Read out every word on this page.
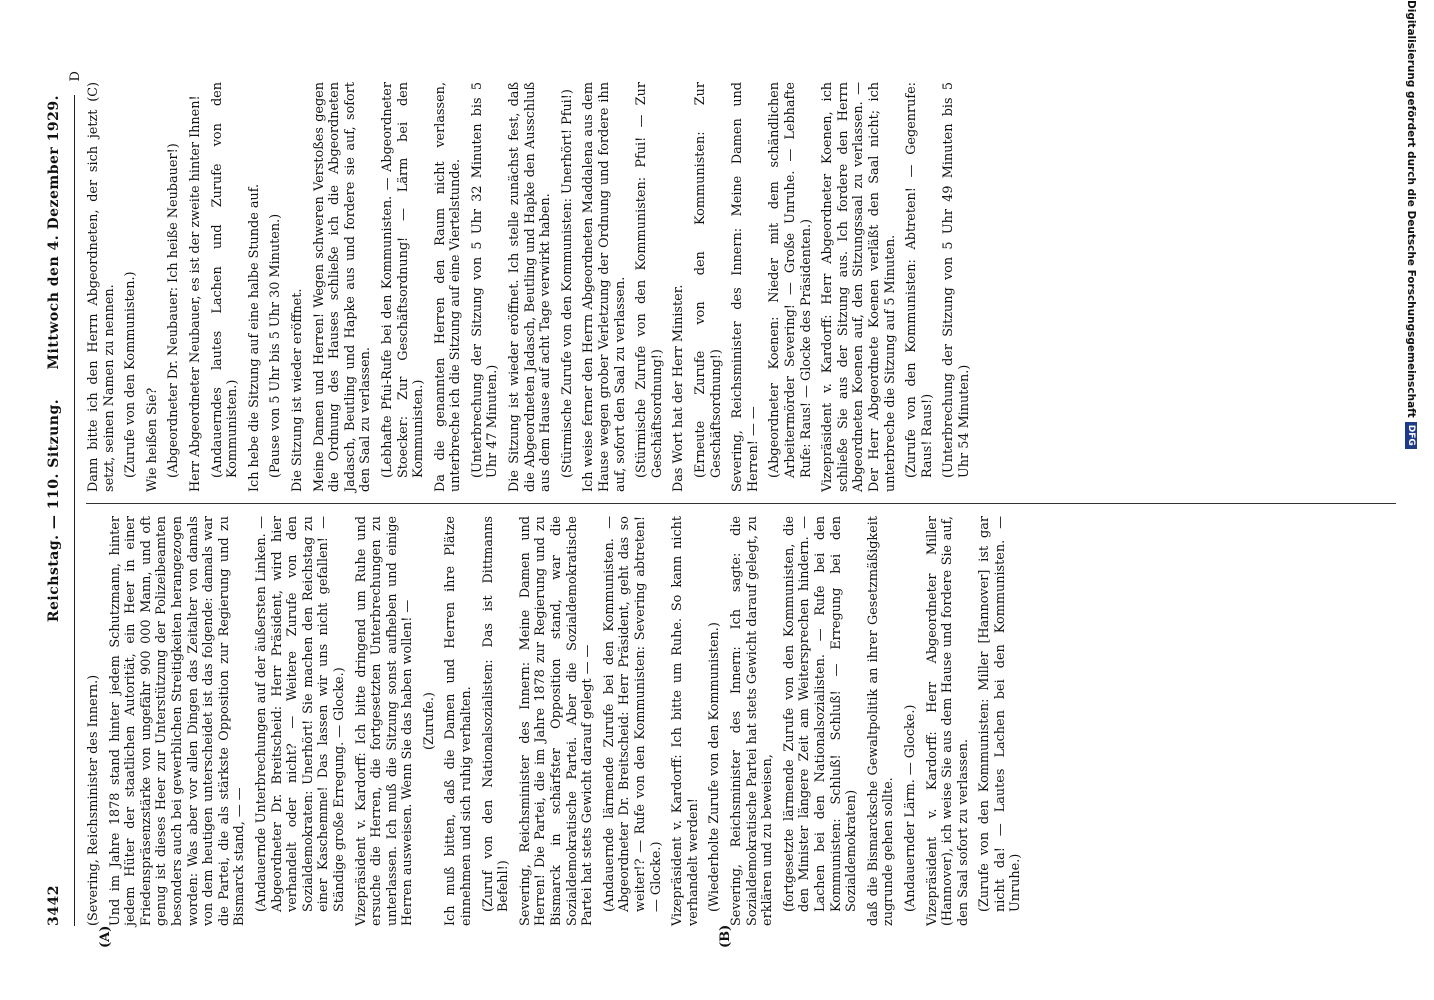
3442
Reichstag. — 110. Sitzung.
Mittwoch den 4. Dezember 1929.
(A)	(B)
D
(Severing, Reichsminister des Innern.) Und im Jahre 1878 stand hinter jedem Schutzmann, hinter jedem Hüter der staatlichen Autorität, ein Heer in einer Friedenspräsenzstärke von ungefähr 900 000 Mann, und oft genug ist dieses Heer zur Unterstützung der Polizeibeamten besonders auch bei gewerblichen Streitigkeiten herangezogen worden: Was aber vor allen Dingen das Zeitalter von damals von dem heutigen unterscheidet ist das folgende: damals war die Partei, die als stärkste Opposition zur Regierung und zu Bismarck stand, — — (Andauernde Unterbrechungen auf der äußersten Linken. — Abgeordneter Dr. Breitscheid: Herr Präsident, wird hier verhandelt oder nicht? — Weitere Zurufe von den Sozialdemokraten: Unerhört! Sie machen den Reichstag zu einer Kaschemme! Das lassen wir uns nicht gefallen! — Ständige große Erregung. — Glocke.) Vizepräsident v. Kardorff: Ich bitte dringend um Ruhe und ersuche die Herren, die fortgesetzten Unterbrechungen zu unterlassen. Ich muß die Sitzung sonst aufheben und einige Herren ausweisen. Wenn Sie das haben wollen! — (Zurufe.) Ich muß bitten, daß die Damen und Herren ihre Plätze einnehmen und sich ruhig verhalten. (Zuruf von den Nationalsozialisten: Das ist Dittmanns Befehl!) Severing, Reichsminister des Innern: Meine Damen und Herren! Die Partei, die im Jahre 1878 zur Regierung und zu Bismarck in schärfster Opposition stand, war die Sozialdemokratische Partei. Aber die Sozialdemokratische Partei hat stets Gewicht darauf gelegt — — (Andauernde lärmende Zurufe bei den Kommunisten. — Abgeordneter Dr. Breitscheid: Herr Präsident, geht das so weiter!? — Rufe von den Kommunisten: Severing abtreten! — Glocke.) Vizepräsident v. Kardorff: Ich bitte um Ruhe. So kann nicht verhandelt werden! (Wiederholte Zurufe von den Kommunisten.) Severing, Reichsminister des Innern: Ich sagte: die Sozialdemokratische Partei hat stets Gewicht darauf gelegt, zu erklären und zu beweisen, (fortgesetzte lärmende Zurufe von den Kommunisten, die den Minister längere Zeit am Weitersprechen hindern. — Lachen bei den Nationalsozialisten. — Rufe bei den Kommunisten: Schluß! Schluß! — Erregung bei den Sozialdemokraten) daß die Bismarcksche Gewaltpolitik an ihrer Gesetzmäßigkeit zugrunde gehen sollte. (Andauernder Lärm. — Glocke.) Vizepräsident v. Kardorff: Herr Abgeordneter Miller (Hannover), ich weise Sie aus dem Hause und fordere Sie auf, den Saal sofort zu verlassen. (Zurufe von den Kommunisten: Miller [Hannover] ist gar nicht da! — Lautes Lachen bei den Kommunisten. — Unruhe.)
Dann bitte ich den Herrn Abgeordneten, der sich jetzt (C) setzt, seinen Namen zu nennen. (Zurufe von den Kommunisten.) Wie heißen Sie? (Abgeordneter Dr. Neubauer: Ich heiße Neubauer!) Herr Abgeordneter Neubauer, es ist der zweite hinter Ihnen! (Andauerndes lautes Lachen und Zurufe von den Kommunisten.) Ich hebe die Sitzung auf eine halbe Stunde auf. (Pause von 5 Uhr bis 5 Uhr 30 Minuten.) Die Sitzung ist wieder eröffnet. Meine Damen und Herren! Wegen schweren Verstoßes gegen die Ordnung des Hauses schließe ich die Abgeordneten Jadasch, Beutling und Hapke aus und fordere sie auf, sofort den Saal zu verlassen. (Lebhafte Pfui-Rufe bei den Kommunisten. — Abgeordneter Stoecker: Zur Geschäftsordnung! — Lärm bei den Kommunisten.) Da die genannten Herren den Raum nicht verlassen, unterbreche ich die Sitzung auf eine Viertelstunde. (Unterbrechung der Sitzung von 5 Uhr 32 Minuten bis 5 Uhr 47 Minuten.) Die Sitzung ist wieder eröffnet. Ich stelle zunächst fest, daß die Abgeordneten Jadasch, Beutling und Hapke den Ausschluß aus dem Hause auf acht Tage verwirkt haben. (Stürmische Zurufe von den Kommunisten: Unerhört! Pfui!) Ich weise ferner den Herrn Abgeordneten Maddalena aus dem Hause wegen grober Verletzung der Ordnung und fordere ihn auf, sofort den Saal zu verlassen. (Stürmische Zurufe von den Kommunisten: Pfui! — Zur Geschäftsordnung!) Das Wort hat der Herr Minister. (Erneute Zurufe von den Kommunisten: Zur Geschäftsordnung!) Severing, Reichsminister des Innern: Meine Damen und Herren! — — (Abgeordneter Koenen: Nieder mit dem schändlichen Arbeitermörder Severing! — Große Unruhe. — Lebhafte Rufe: Raus! — Glocke des Präsidenten.) Vizepräsident v. Kardorff: Herr Abgeordneter Koenen, ich schließe Sie aus der Sitzung aus. Ich fordere den Herrn Abgeordneten Koenen auf, den Sitzungssaal zu verlassen. — Der Herr Abgeordnete Koenen verläßt den Saal nicht; ich unterbreche die Sitzung auf 5 Minuten. (Zurufe von den Kommunisten: Abtreten! — Gegenrufe: Raus! Raus!) (Unterbrechung der Sitzung von 5 Uhr 49 Minuten bis 5 Uhr 54 Minuten.)
Digitalisierung gefördert durch die Deutsche Forschungsgemeinschaft
DFG
